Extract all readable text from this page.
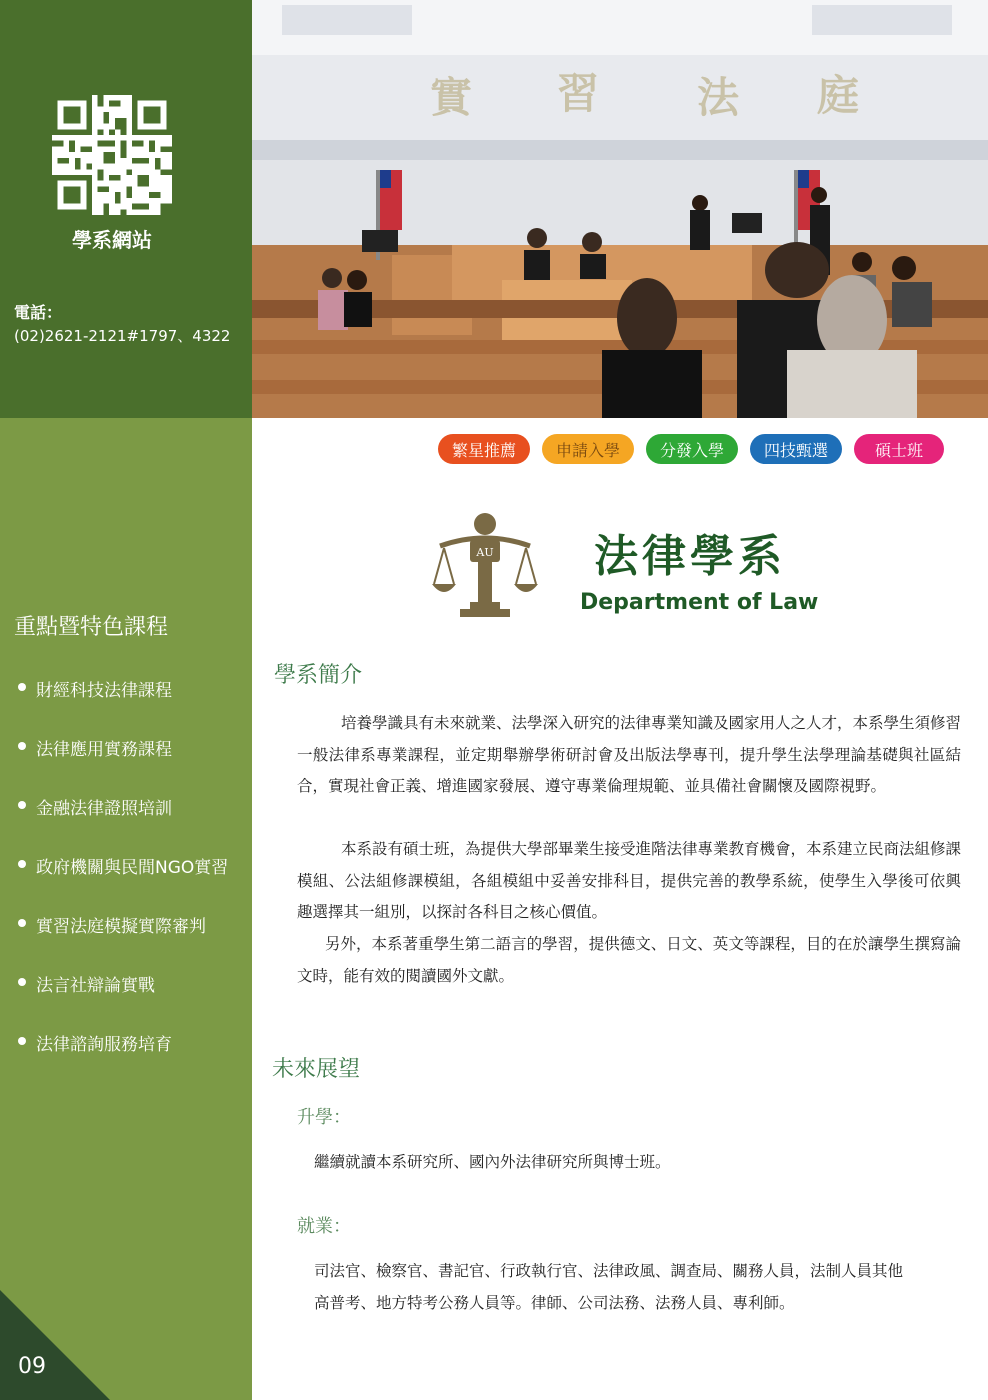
學系網站
電話：
(02)2621-2121#1797、4322
重點暨特色課程
財經科技法律課程
法律應用實務課程
金融法律證照培訓
政府機關與民間NGO實習
實習法庭模擬實際審判
法言社辯論實戰
法律諮詢服務培育
09
實 習 法 庭
繁星推薦	申請入學	分發入學	四技甄選	碩士班
AU 法律學系
Department of Law
學系簡介

培養學識具有未來就業、法學深入研究的法律專業知識及國家用人之人才，本系學生須修習一般法律系專業課程，並定期舉辦學術研討會及出版法學專刊，提升學生法學理論基礎與社區結合，實現社會正義、增進國家發展、遵守專業倫理規範、並具備社會關懷及國際視野。

本系設有碩士班，為提供大學部畢業生接受進階法律專業教育機會，本系建立民商法組修課模組、公法組修課模組，各組模組中妥善安排科目，提供完善的教學系統，使學生入學後可依興趣選擇其一組別，以探討各科目之核心價值。

另外，本系著重學生第二語言的學習，提供德文、日文、英文等課程，目的在於讓學生撰寫論文時，能有效的閱讀國外文獻。

未來展望
升學：
繼續就讀本系研究所、國內外法律研究所與博士班。
就業：
司法官、檢察官、書記官、行政執行官、法律政風、調查局、關務人員，法制人員其他
高普考、地方特考公務人員等。律師、公司法務、法務人員、專利師。
